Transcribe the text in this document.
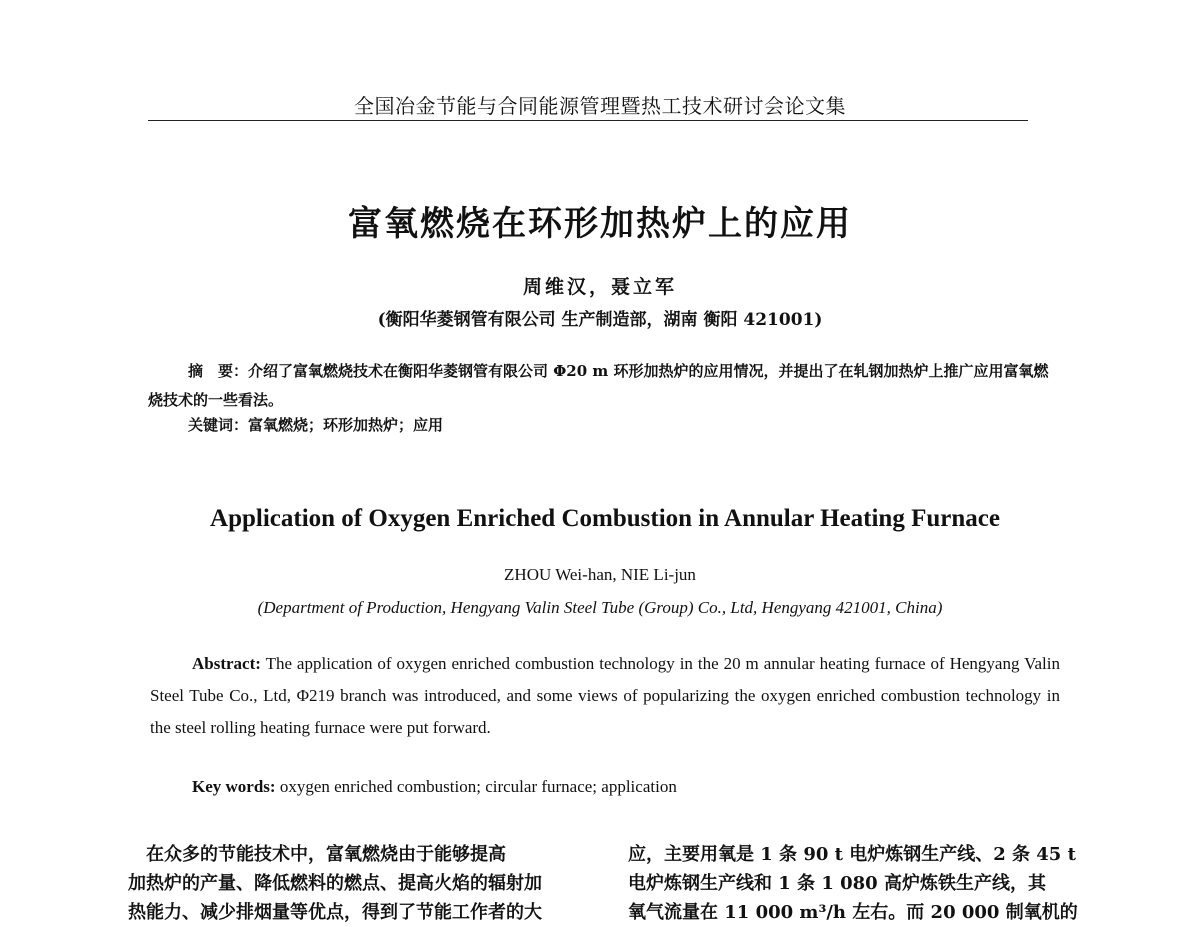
全国冶金节能与合同能源管理暨热工技术研讨会论文集
富氧燃烧在环形加热炉上的应用
周维汉，聂立军
(衡阳华菱钢管有限公司 生产制造部，湖南 衡阳 421001)
摘　要：介绍了富氧燃烧技术在衡阳华菱钢管有限公司 Φ20 m 环形加热炉的应用情况，并提出了在轧钢加热炉上推广应用富氧燃烧技术的一些看法。
关键词：富氧燃烧；环形加热炉；应用
Application of Oxygen Enriched Combustion in Annular Heating Furnace
ZHOU Wei-han, NIE Li-jun
(Department of Production, Hengyang Valin Steel Tube (Group) Co., Ltd, Hengyang 421001, China)
Abstract: The application of oxygen enriched combustion technology in the 20 m annular heating furnace of Hengyang Valin Steel Tube Co., Ltd, Φ219 branch was introduced, and some views of popularizing the oxygen enriched combustion technology in the steel rolling heating furnace were put forward.
Key words: oxygen enriched combustion; circular furnace; application
　在众多的节能技术中，富氧燃烧由于能够提高
加热炉的产量、降低燃料的燃点、提高火焰的辐射加
热能力、减少排烟量等优点，得到了节能工作者的大
应，主要用氧是 1 条 90 t 电炉炼钢生产线、2 条 45 t
电炉炼钢生产线和 1 条 1 080 高炉炼铁生产线，其
氧气流量在 11 000 m³/h 左右。而 20 000 制氧机的
